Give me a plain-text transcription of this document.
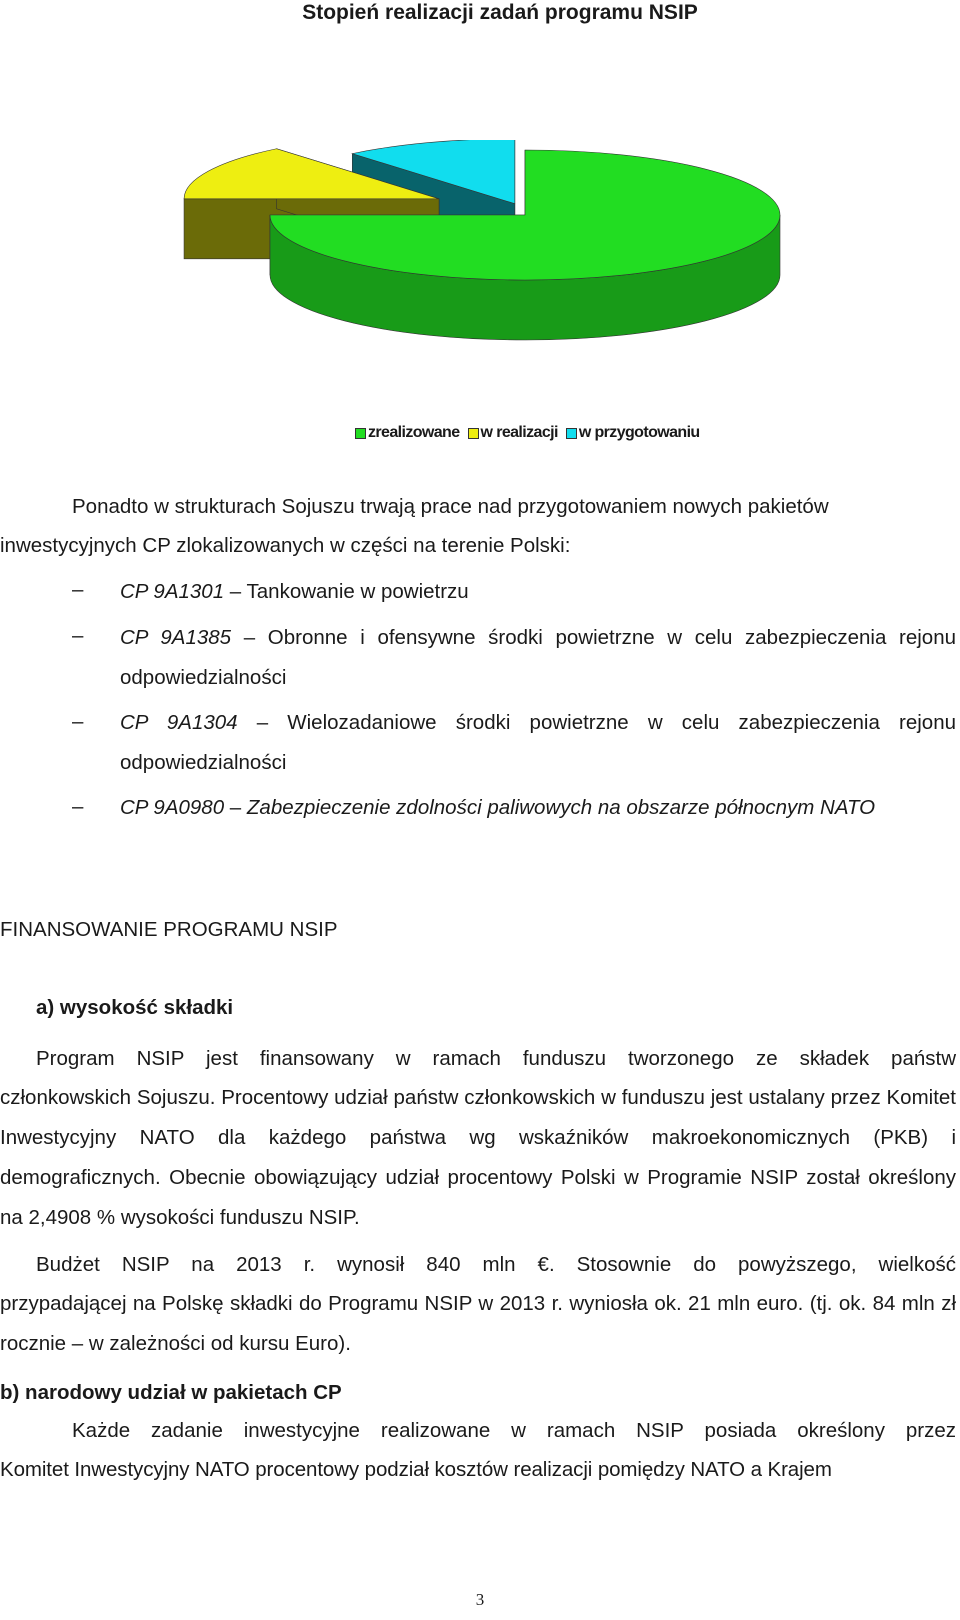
Stopień realizacji zadań programu NSIP
zrealizowane w realizacji w przygotowaniu
Ponadto w strukturach Sojuszu trwają prace nad przygotowaniem nowych pakietów
inwestycyjnych CP zlokalizowanych w części na terenie Polski:
– CP 9A1301 – Tankowanie w powietrzu
– CP 9A1385 – Obronne i ofensywne środki powietrzne w celu zabezpieczenia rejonu odpowiedzialności
– CP 9A1304 – Wielozadaniowe środki powietrzne w celu zabezpieczenia rejonu odpowiedzialności
– CP 9A0980 – Zabezpieczenie zdolności paliwowych na obszarze północnym NATO
FINANSOWANIE PROGRAMU NSIP
a) wysokość składki
Program NSIP jest finansowany w ramach funduszu tworzonego ze składek państw
członkowskich Sojuszu. Procentowy udział państw członkowskich w funduszu jest ustalany przez Komitet Inwestycyjny NATO dla każdego państwa wg wskaźników makroekonomicznych (PKB) i demograficznych. Obecnie obowiązujący udział procentowy Polski w Programie NSIP został określony na 2,4908 % wysokości funduszu NSIP.
Budżet NSIP na 2013 r. wynosił 840 mln €. Stosownie do powyższego, wielkość
przypadającej na Polskę składki do Programu NSIP w 2013 r. wyniosła ok. 21 mln euro. (tj. ok. 84 mln zł rocznie – w zależności od kursu Euro).
b) narodowy udział w pakietach CP
Każde zadanie inwestycyjne realizowane w ramach NSIP posiada określony przez
Komitet Inwestycyjny NATO procentowy podział kosztów realizacji pomiędzy NATO a Krajem
3
